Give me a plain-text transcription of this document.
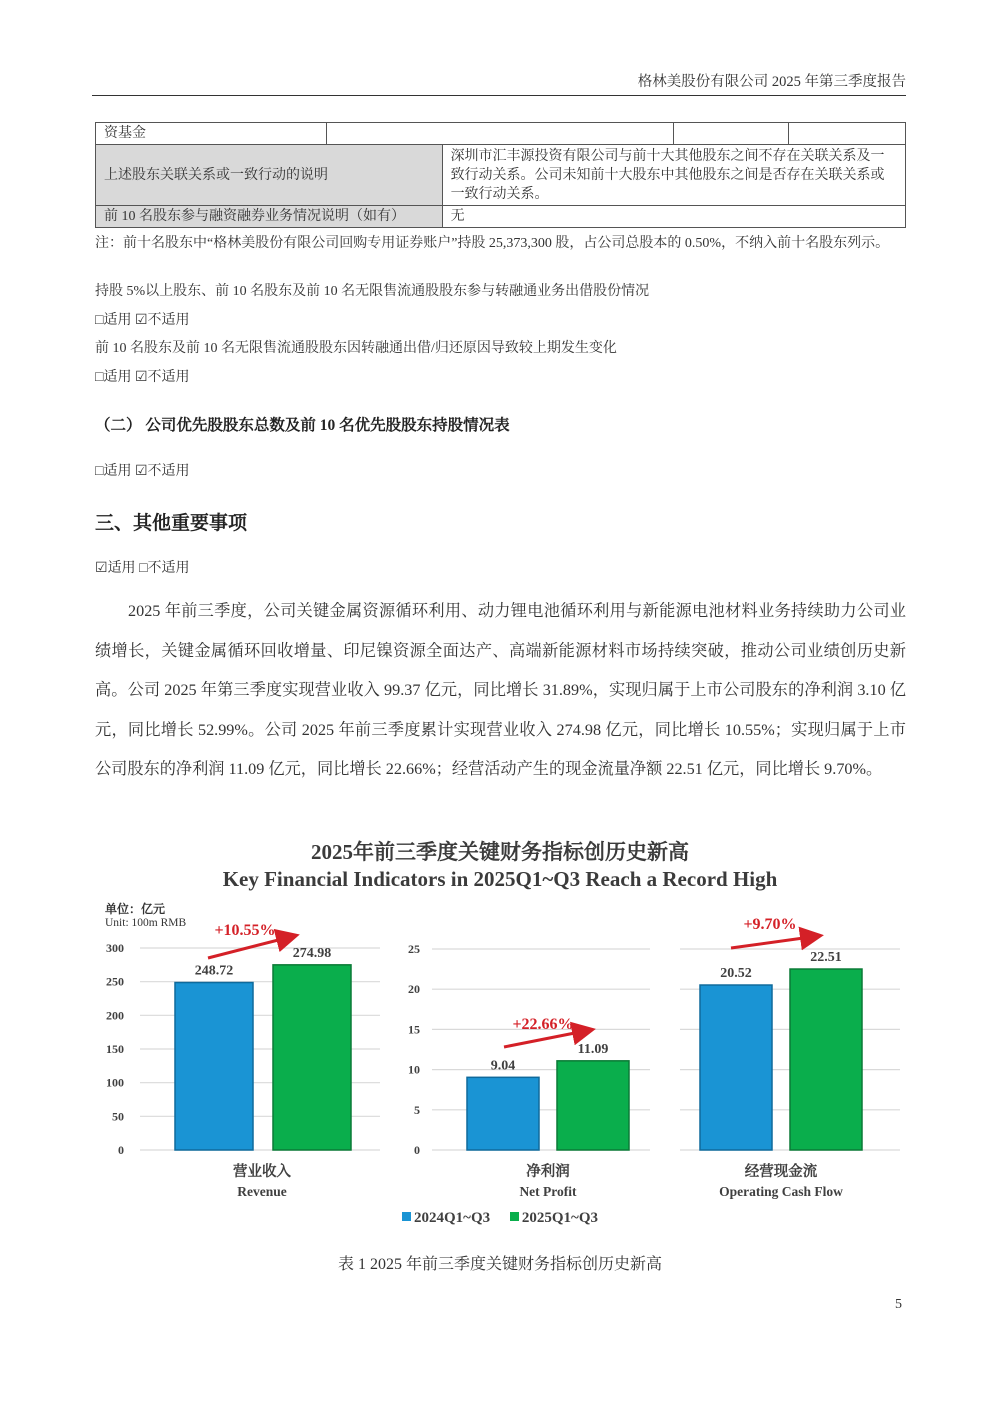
格林美股份有限公司 2025 年第三季度报告
资基金				
上述股东关联关系或一致行动的说明		深圳市汇丰源投资有限公司与前十大其他股东之间不存在关联关系及一致行动关系。公司未知前十大股东中其他股东之间是否存在关联关系或一致行动关系。		
前 10 名股东参与融资融券业务情况说明（如有）		无		
注：前十名股东中“格林美股份有限公司回购专用证券账户”持股 25,373,300 股，占公司总股本的 0.50%，不纳入前十名股东列示。
持股 5%以上股东、前 10 名股东及前 10 名无限售流通股股东参与转融通业务出借股份情况
□适用 ☑不适用
前 10 名股东及前 10 名无限售流通股股东因转融通出借/归还原因导致较上期发生变化
□适用 ☑不适用
（二） 公司优先股股东总数及前 10 名优先股股东持股情况表
□适用 ☑不适用
三、其他重要事项
☑适用 □不适用
2025 年前三季度，公司关键金属资源循环利用、动力锂电池循环利用与新能源电池材料业务持续助力公司业绩增长，关键金属循环回收增量、印尼镍资源全面达产、高端新能源材料市场持续突破，推动公司业绩创历史新高。公司 2025 年第三季度实现营业收入 99.37 亿元，同比增长 31.89%，实现归属于上市公司股东的净利润 3.10 亿元，同比增长 52.99%。公司 2025 年前三季度累计实现营业收入 274.98 亿元，同比增长 10.55%；实现归属于上市公司股东的净利润 11.09 亿元，同比增长 22.66%；经营活动产生的现金流量净额 22.51 亿元，同比增长 9.70%。
2025年前三季度关键财务指标创历史新高
Key Financial Indicators in 2025Q1~Q3 Reach a Record High
单位：亿元
Unit: 100m RMB
0
50
100
150
200
250
300
248.72
274.98
+10.55%
营业收入
Revenue
0
5
10
15
20
25
9.04
11.09
+22.66%
净利润
Net Profit
20.52
22.51
+9.70%
经营现金流
Operating Cash Flow
2024Q1~Q3 2025Q1~Q3
表 1 2025 年前三季度关键财务指标创历史新高
5
